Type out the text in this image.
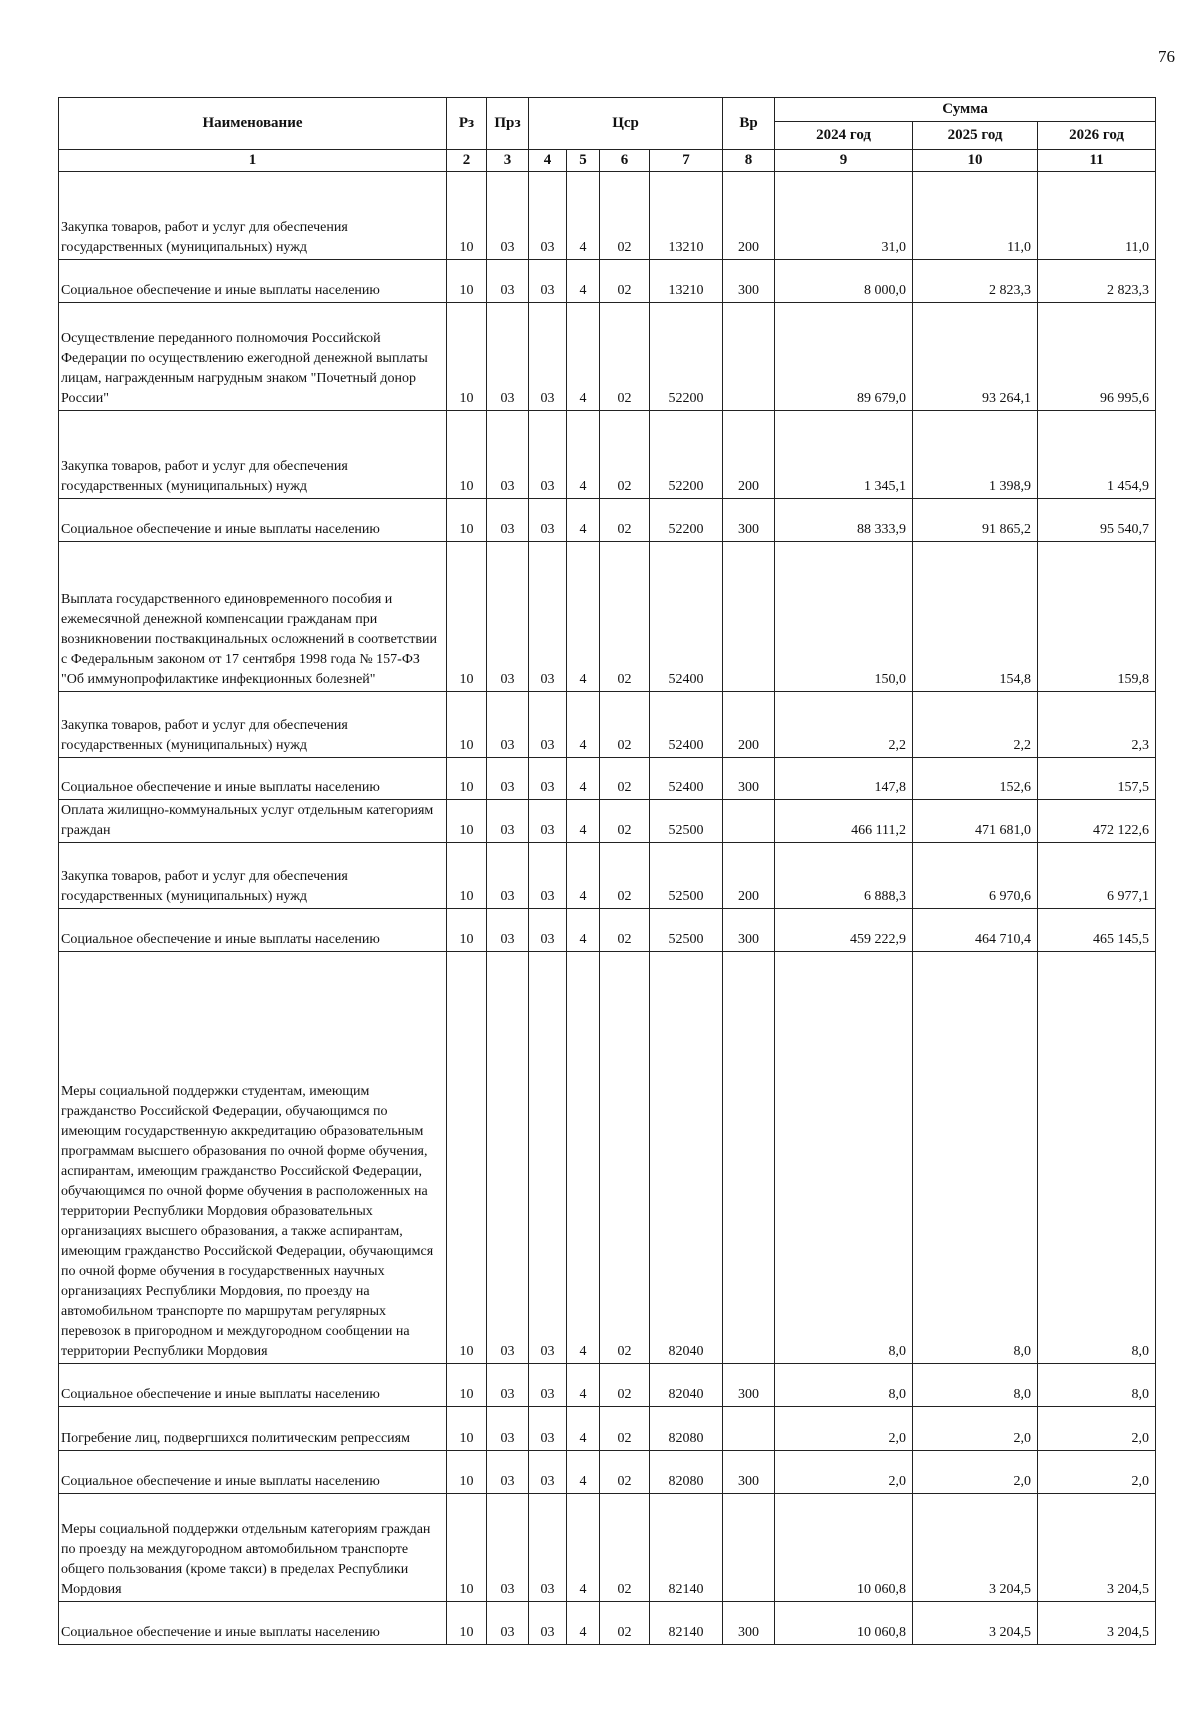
76
Наименование	Рз	Прз	Цср				Вр	Сумма		
								2024 год	2025 год	2026 год
1	2	3	4	5	6	7	8	9	10	11
Закупка товаров, работ и услуг для обеспечения государственных (муниципальных) нужд	10	03	03	4	02	13210	200	31,0	11,0	11,0
Социальное обеспечение и иные выплаты населению	10	03	03	4	02	13210	300	8 000,0	2 823,3	2 823,3
Осуществление переданного полномочия Российской Федерации по осуществлению ежегодной денежной выплаты лицам, награжденным нагрудным знаком "Почетный донор России"	10	03	03	4	02	52200		89 679,0	93 264,1	96 995,6
Закупка товаров, работ и услуг для обеспечения государственных (муниципальных) нужд	10	03	03	4	02	52200	200	1 345,1	1 398,9	1 454,9
Социальное обеспечение и иные выплаты населению	10	03	03	4	02	52200	300	88 333,9	91 865,2	95 540,7
Выплата государственного единовременного пособия и ежемесячной денежной компенсации гражданам при возникновении поствакцинальных осложнений в соответствии с Федеральным законом от 17 сентября 1998 года № 157-ФЗ "Об иммунопрофилактике инфекционных болезней"	10	03	03	4	02	52400		150,0	154,8	159,8
Закупка товаров, работ и услуг для обеспечения государственных (муниципальных) нужд	10	03	03	4	02	52400	200	2,2	2,2	2,3
Социальное обеспечение и иные выплаты населению	10	03	03	4	02	52400	300	147,8	152,6	157,5
Оплата жилищно-коммунальных услуг отдельным категориям граждан	10	03	03	4	02	52500		466 111,2	471 681,0	472 122,6
Закупка товаров, работ и услуг для обеспечения государственных (муниципальных) нужд	10	03	03	4	02	52500	200	6 888,3	6 970,6	6 977,1
Социальное обеспечение и иные выплаты населению	10	03	03	4	02	52500	300	459 222,9	464 710,4	465 145,5
Меры социальной поддержки студентам, имеющим гражданство Российской Федерации, обучающимся по имеющим государственную аккредитацию образовательным программам высшего образования по очной форме обучения, аспирантам, имеющим гражданство Российской Федерации, обучающимся по очной форме обучения в расположенных на территории Республики Мордовия образовательных организациях высшего образования, а также аспирантам, имеющим гражданство Российской Федерации, обучающимся по очной форме обучения в государственных научных организациях Республики Мордовия, по проезду на автомобильном транспорте по маршрутам регулярных перевозок в пригородном и междугородном сообщении на территории Республики Мордовия	10	03	03	4	02	82040		8,0	8,0	8,0
Социальное обеспечение и иные выплаты населению	10	03	03	4	02	82040	300	8,0	8,0	8,0
Погребение лиц, подвергшихся политическим репрессиям	10	03	03	4	02	82080		2,0	2,0	2,0
Социальное обеспечение и иные выплаты населению	10	03	03	4	02	82080	300	2,0	2,0	2,0
Меры социальной поддержки отдельным категориям граждан по проезду на междугородном автомобильном транспорте общего пользования (кроме такси) в пределах Республики Мордовия	10	03	03	4	02	82140		10 060,8	3 204,5	3 204,5
Социальное обеспечение и иные выплаты населению	10	03	03	4	02	82140	300	10 060,8	3 204,5	3 204,5
